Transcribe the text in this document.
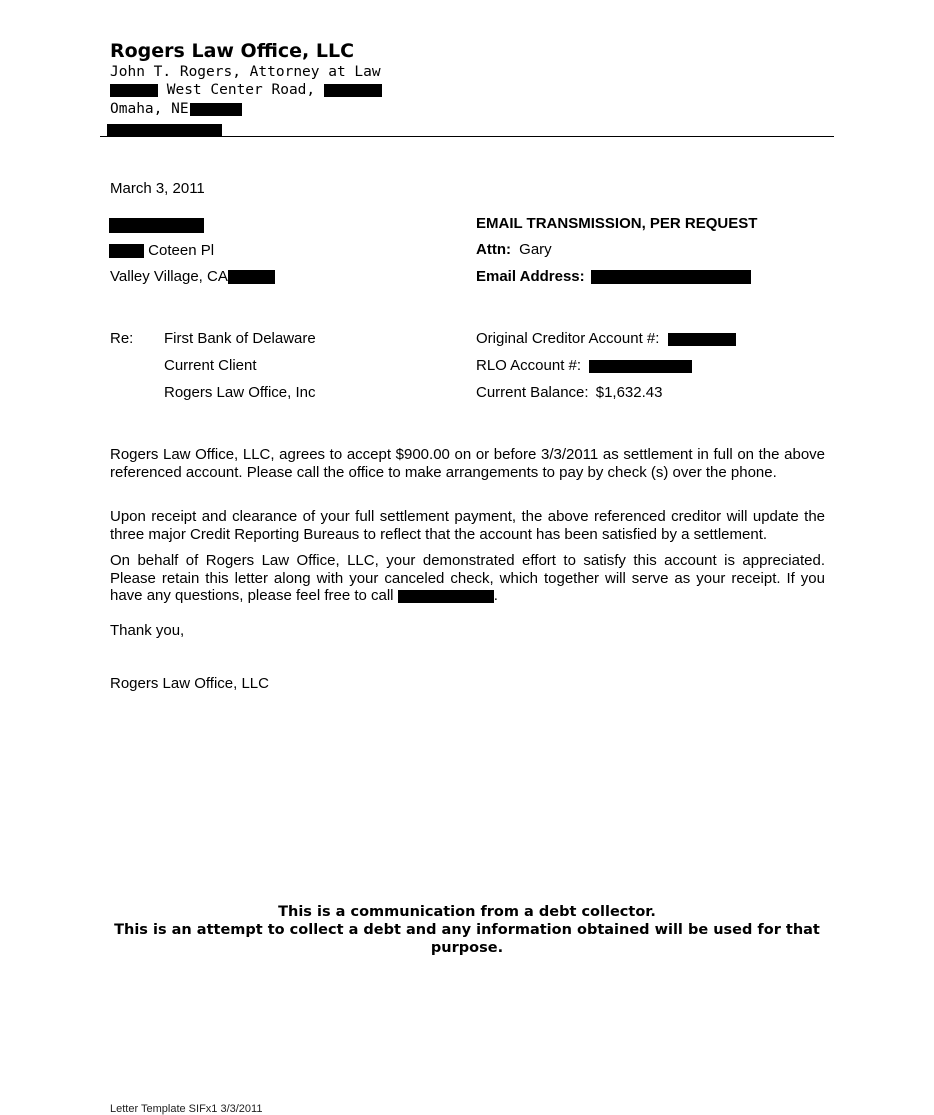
Rogers Law Office, LLC
John T. Rogers, Attorney at Law
West Center Road,
Omaha, NE
March 3, 2011
Coteen Pl
Valley Village, CA
EMAIL TRANSMISSION, PER REQUEST
Attn: Gary
Email Address:
Re: First Bank of Delaware
Current Client
Rogers Law Office, Inc
Original Creditor Account #:
RLO Account #:
Current Balance: $1,632.43
Rogers Law Office, LLC, agrees to accept $900.00 on or before 3/3/2011 as settlement in full on the above referenced account. Please call the office to make arrangements to pay by check (s) over the phone.
Upon receipt and clearance of your full settlement payment, the above referenced creditor will update the three major Credit Reporting Bureaus to reflect that the account has been satisfied by a settlement.
On behalf of Rogers Law Office, LLC, your demonstrated effort to satisfy this account is appreciated. Please retain this letter along with your canceled check, which together will serve as your receipt. If you have any questions, please feel free to call	.
Thank you,
Rogers Law Office, LLC
This is a communication from a debt collector.
This is an attempt to collect a debt and any information obtained will be used for that purpose.
Letter Template SIFx1 3/3/2011
